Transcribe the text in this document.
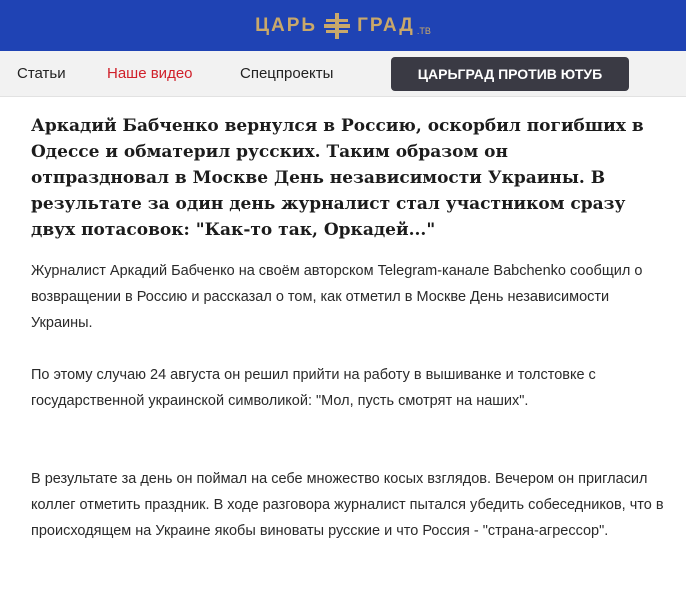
ЦАРЬ ГРАД .ТВ
Статьи	Наше видео	Спецпроекты	ЦАРЬГРАД ПРОТИВ ЮТУБ
Аркадий Бабченко вернулся в Россию, оскорбил погибших в Одессе и обматерил русских. Таким образом он отпраздновал в Москве День независимости Украины. В результате за один день журналист стал участником сразу двух потасовок: "Как-то так, Оркадей..."

Журналист Аркадий Бабченко на своём авторском Telegram-канале Babchenko сообщил о возвращении в Россию и рассказал о том, как отметил в Москве День независимости Украины.

По этому случаю 24 августа он решил прийти на работу в вышиванке и толстовке с государственной украинской символикой: "Мол, пусть смотрят на наших".

В результате за день он поймал на себе множество косых взглядов. Вечером он пригласил коллег отметить праздник. В ходе разговора журналист пытался убедить собеседников, что в происходящем на Украине якобы виноваты русские и что Россия - "страна-агрессор".
